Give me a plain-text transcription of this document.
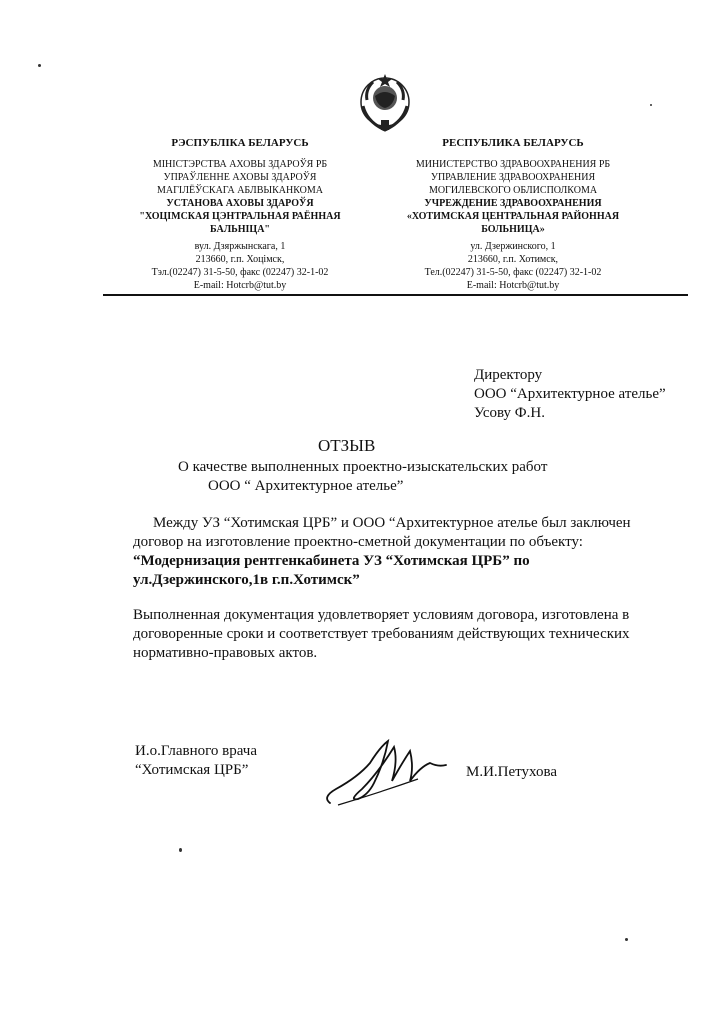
РЭСПУБЛІКА БЕЛАРУСЬ
МІНІСТЭРСТВА АХОВЫ ЗДАРОЎЯ РБ
УПРАЎЛЕННЕ АХОВЫ ЗДАРОЎЯ
МАГІЛЁЎСКАГА АБЛВЫКАНКОМА
УСТАНОВА АХОВЫ ЗДАРОЎЯ
"ХОЦІМСКАЯ ЦЭНТРАЛЬНАЯ РАЁННАЯ
БАЛЬНІЦА"
вул. Дзяржынскага, 1
213660, г.п. Хоцімск,
Тэл.(02247) 31-5-50, факс (02247) 32-1-02
E-mail: Hotcrb@tut.by
РЕСПУБЛИКА БЕЛАРУСЬ
МИНИСТЕРСТВО ЗДРАВООХРАНЕНИЯ РБ
УПРАВЛЕНИЕ ЗДРАВООХРАНЕНИЯ
МОГИЛЕВСКОГО ОБЛИСПОЛКОМА
УЧРЕЖДЕНИЕ ЗДРАВООХРАНЕНИЯ
«ХОТИМСКАЯ ЦЕНТРАЛЬНАЯ РАЙОННАЯ
БОЛЬНИЦА»
ул. Дзержинского, 1
213660, г.п. Хотимск,
Тел.(02247) 31-5-50, факс (02247) 32-1-02
E-mail: Hotcrb@tut.by
Директору
ООО “Архитектурное ателье”
Усову Ф.Н.
ОТЗЫВ
О качестве выполненных проектно-изыскательских работ
ООО “ Архитектурное ателье”
Между УЗ “Хотимская ЦРБ” и ООО “Архитектурное ателье был заключен
договор на изготовление проектно-сметной документации по объекту:
“Модернизация рентгенкабинета УЗ “Хотимская ЦРБ” по
ул.Дзержинского,1в г.п.Хотимск”
Выполненная документация удовлетворяет условиям договора, изготовлена в
договоренные сроки и соответствует требованиям действующих технических
нормативно-правовых актов.
И.о.Главного врача
“Хотимская ЦРБ”	М.И.Петухова
